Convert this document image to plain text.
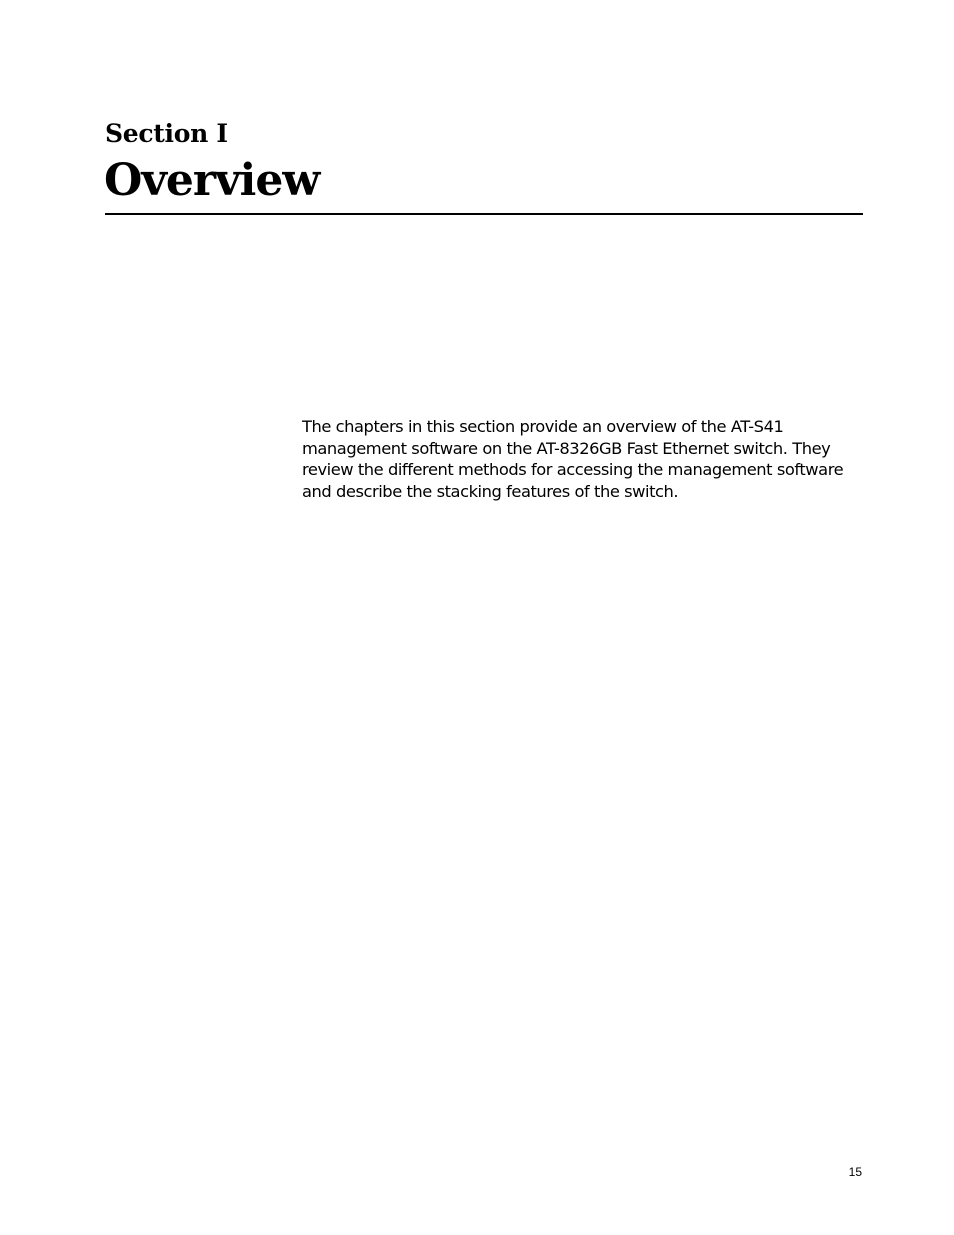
Section I
Overview

The chapters in this section provide an overview of the AT-S41
management software on the AT-8326GB Fast Ethernet switch. They
review the different methods for accessing the management software
and describe the stacking features of the switch.

15
